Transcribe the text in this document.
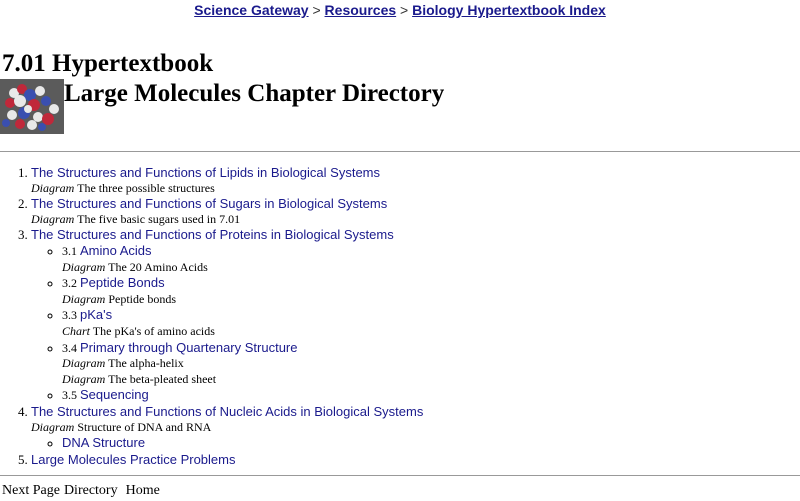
Science Gateway > Resources > Biology Hypertextbook Index
7.01 Hypertextbook
Large Molecules Chapter Directory
1. The Structures and Functions of Lipids in Biological Systems
Diagram The three possible structures
2. The Structures and Functions of Sugars in Biological Systems
Diagram The five basic sugars used in 7.01
3. The Structures and Functions of Proteins in Biological Systems
◦ 3.1 Amino Acids
Diagram The 20 Amino Acids
◦ 3.2 Peptide Bonds
Diagram Peptide bonds
◦ 3.3 pKa's
Chart The pKa's of amino acids
◦ 3.4 Primary through Quartenary Structure
Diagram The alpha-helix
Diagram The beta-pleated sheet
◦ 3.5 Sequencing
4. The Structures and Functions of Nucleic Acids in Biological Systems
Diagram Structure of DNA and RNA
◦ DNA Structure
5. Large Molecules Practice Problems
Next Page Directory Home
